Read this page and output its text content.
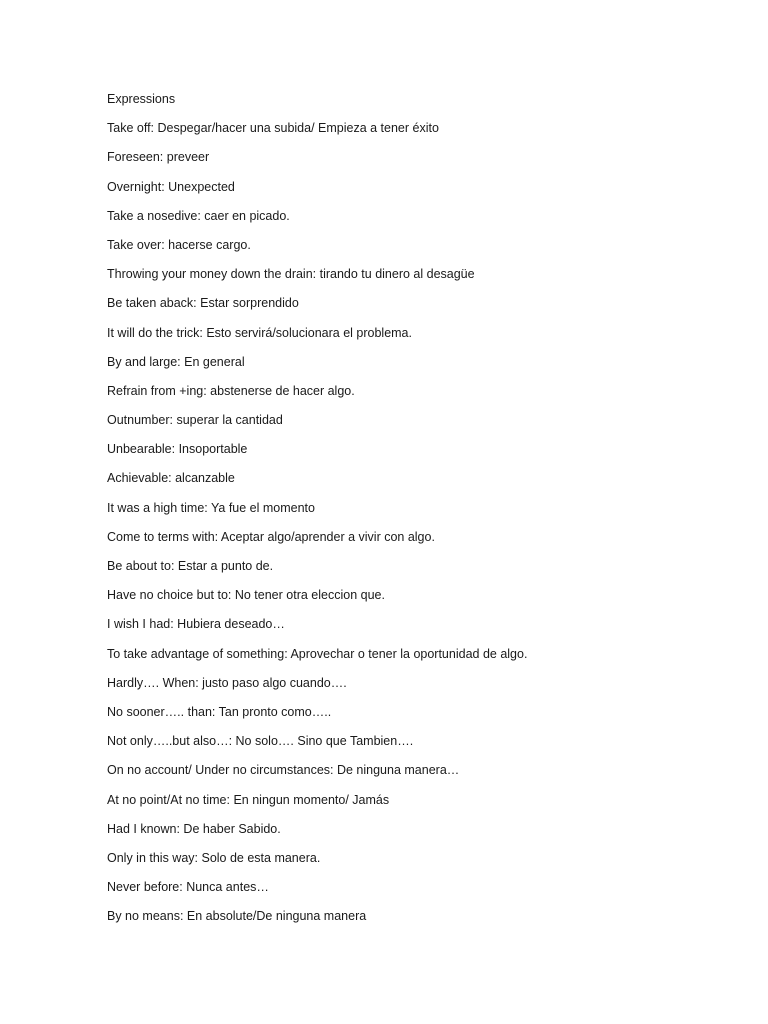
Expressions
Take off: Despegar/hacer una subida/ Empieza a tener éxito
Foreseen: preveer
Overnight: Unexpected
Take a nosedive: caer en picado.
Take over: hacerse cargo.
Throwing your money down the drain: tirando tu dinero al desagüe
Be taken aback: Estar sorprendido
It will do the trick: Esto servirá/solucionara el problema.
By and large: En general
Refrain from +ing: abstenerse de hacer algo.
Outnumber: superar la cantidad
Unbearable: Insoportable
Achievable: alcanzable
It was a high time: Ya fue el momento
Come to terms with: Aceptar algo/aprender a vivir con algo.
Be about to: Estar a punto de.
Have no choice but to: No tener otra eleccion que.
I wish I had: Hubiera deseado…
To take advantage of something: Aprovechar o tener la oportunidad de algo.
Hardly…. When: justo paso algo cuando….
No sooner….. than: Tan pronto como…..
Not only…..but also…: No solo…. Sino que Tambien….
On no account/ Under no circumstances: De ninguna manera…
At no point/At no time: En ningun momento/ Jamás
Had I known: De haber Sabido.
Only in this way: Solo de esta manera.
Never before: Nunca antes…
By no means: En absolute/De ninguna manera
